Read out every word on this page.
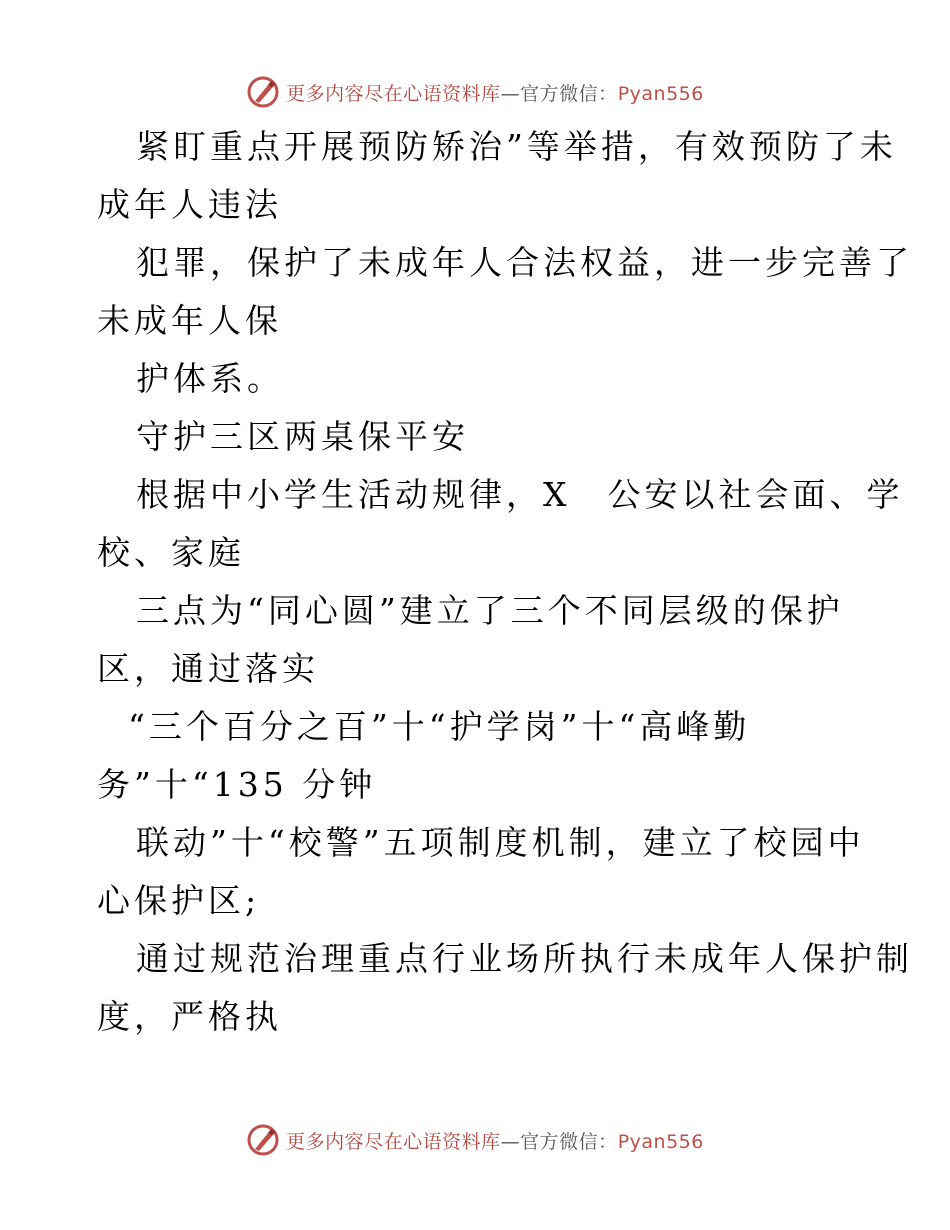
更多内容尽在心语资料库—官方微信：Pyan556
紧盯重点开展预防矫治”等举措，有效预防了未
成年人违法
犯罪，保护了未成年人合法权益，进一步完善了
未成年人保
护体系。
守护三区两桌保平安
根据中小学生活动规律，X　公安以社会面、学
校、家庭
三点为“同心圆”建立了三个不同层级的保护
区，通过落实
“三个百分之百”十“护学岗”十“高峰勤
务”十“135 分钟
联动”十“校警”五项制度机制，建立了校园中
心保护区;
通过规范治理重点行业场所执行未成年人保护制
度，严格执
更多内容尽在心语资料库—官方微信：Pyan556
